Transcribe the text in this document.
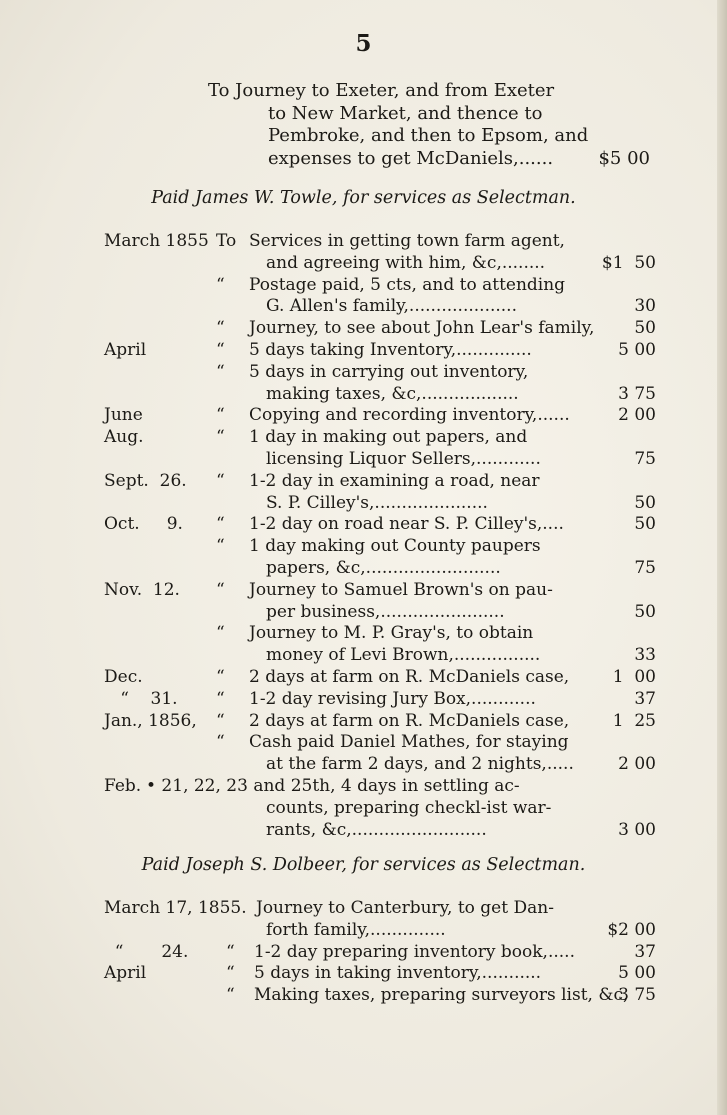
5
To Journey to Exeter, and from Exeter
to New Market, and thence to
Pembroke, and then to Epsom, and
expenses to get McDaniels,......	$5 00
Paid James W. Towle, for services as Selectman.
March 1855 To Services in getting town farm agent,
and agreeing with him, &c,........	$1  50
“ Postage paid, 5 cts, and to attending
G. Allen's family,....................	30
“ Journey, to see about John Lear's family, 50
April	“ 5 days taking Inventory,..............	5 00
“ 5 days in carrying out inventory,
making taxes, &c,..................	3 75
June	“ Copying and recording inventory,......	2 00
Aug.	“ 1 day in making out papers, and
licensing Liquor Sellers,............	75
Sept.  26. “ 1-2 day in examining a road, near
S. P. Cilley's,.....................	50
Oct.     9. “ 1-2 day on road near S. P. Cilley's,....	50
“ 1 day making out County paupers
papers, &c,.........................	75
Nov.  12. “ Journey to Samuel Brown's on pau-
per business,.......................	50
“ Journey to M. P. Gray's, to obtain
money of Levi Brown,................	33
Dec.	“ 2 days at farm on R. McDaniels case,	1  00
“    31. “ 1-2 day revising Jury Box,............	37
Jan., 1856, “ 2 days at farm on R. McDaniels case,	1  25
“ Cash paid Daniel Mathes, for staying
at the farm 2 days, and 2 nights,.....	2 00
Feb. • 21, 22, 23 and 25th, 4 days in settling ac-
counts, preparing checkl-ist war-
rants, &c,.........................	3 00
Paid Joseph S. Dolbeer, for services as Selectman.
March 17, 1855. Journey to Canterbury, to get Dan-
forth family,..............	$2 00
“       24. “ 1-2 day preparing inventory book,.....	37
April	“ 5 days in taking inventory,...........	5 00
“ Making taxes, preparing surveyors list, &c,
3 75
